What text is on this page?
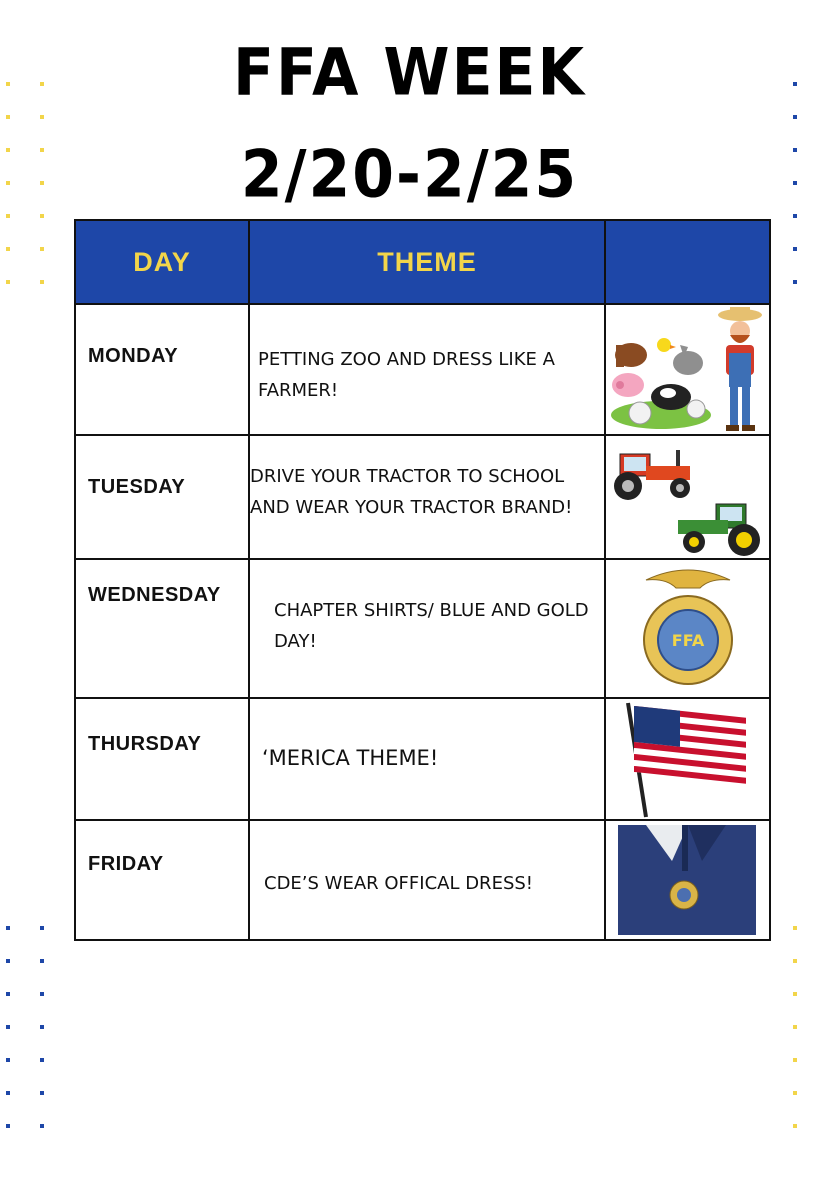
FFA WEEK
2/20-2/25
DAY	THEME	
MONDAY	PETTING ZOO AND DRESS LIKE A FARMER!

TUESDAY	DRIVE YOUR TRACTOR TO SCHOOL AND WEAR YOUR TRACTOR BRAND!

WEDNESDAY	CHAPTER SHIRTS/ BLUE AND GOLD DAY!	FFA

THURSDAY	‘MERICA THEME!

FRIDAY	CDE’S WEAR OFFICAL DRESS!
